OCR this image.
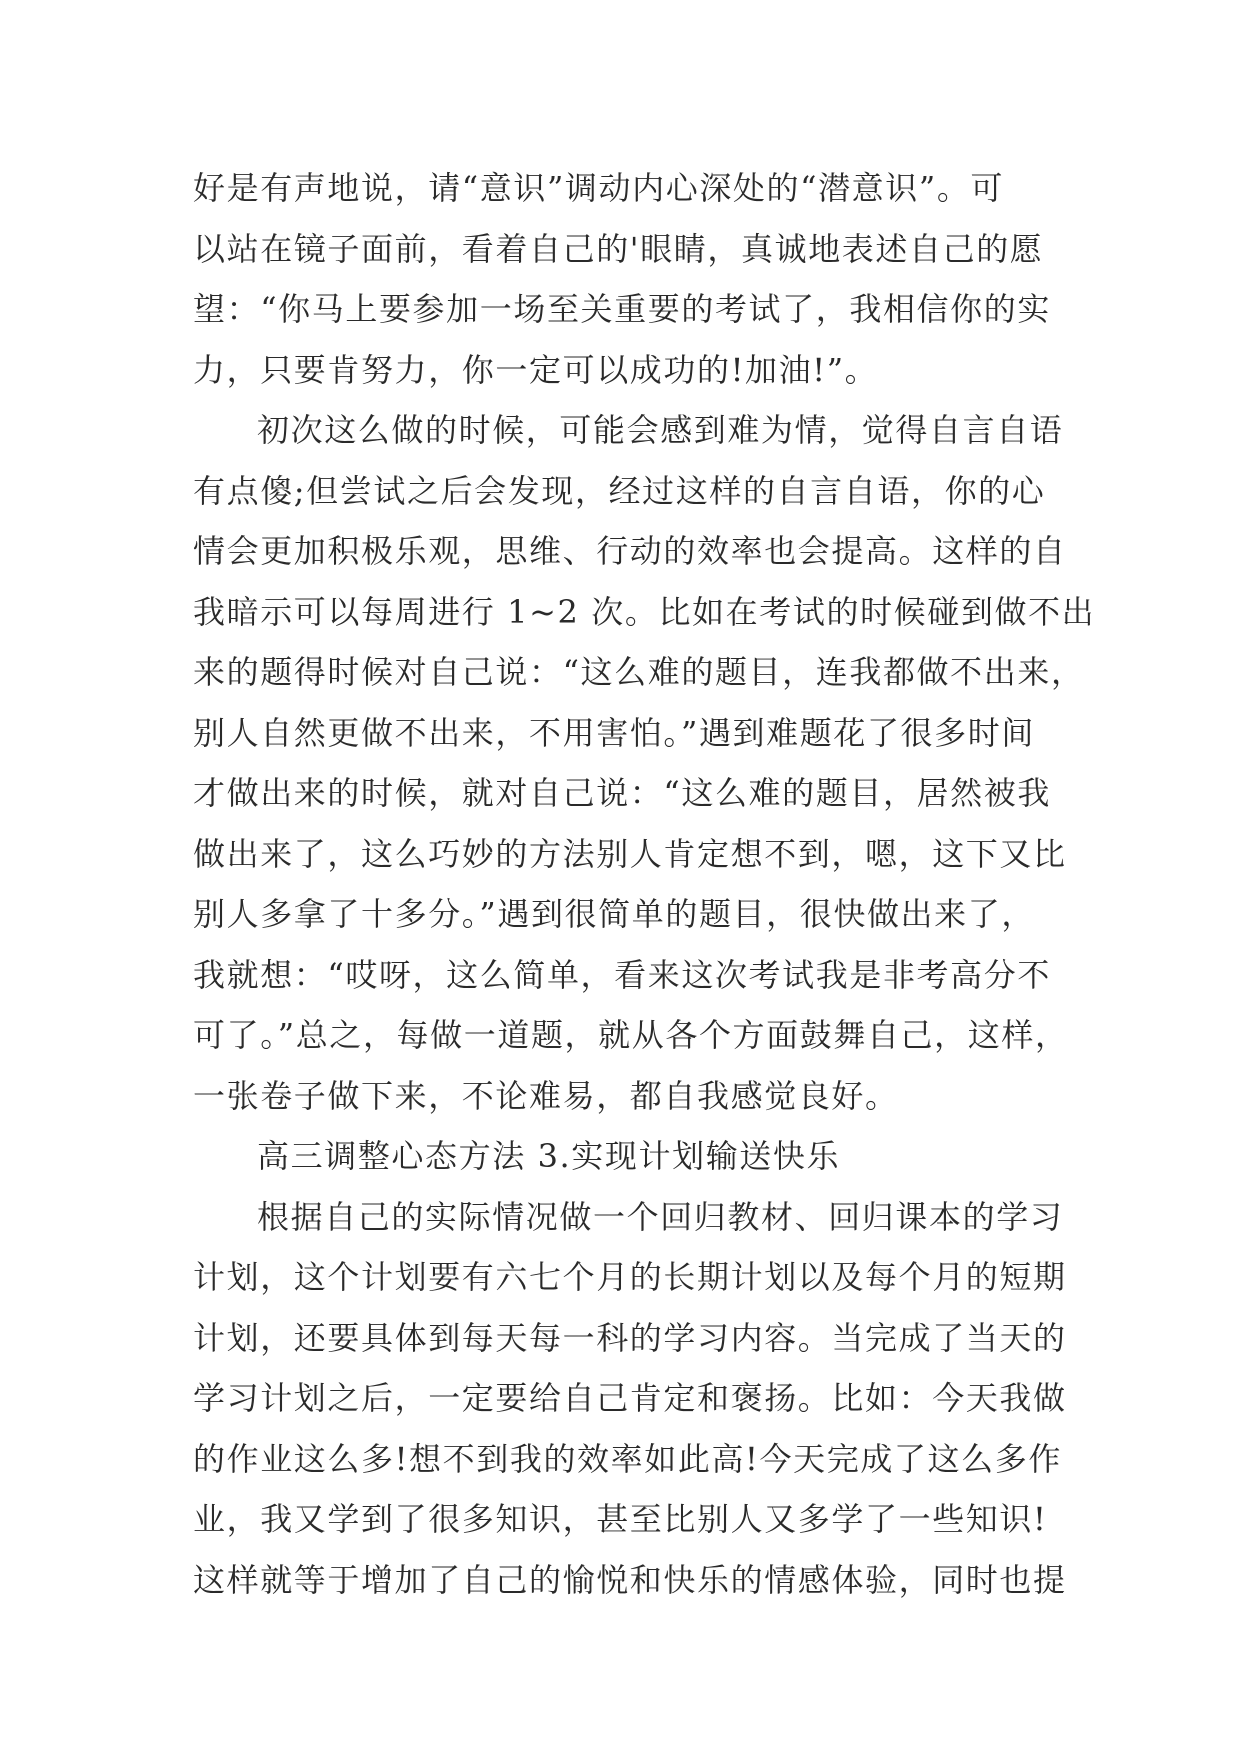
好是有声地说，请“意识”调动内心深处的“潜意识”。可
以站在镜子面前，看着自己的'眼睛，真诚地表述自己的愿
望：“你马上要参加一场至关重要的考试了，我相信你的实
力，只要肯努力，你一定可以成功的!加油!”。
初次这么做的时候，可能会感到难为情，觉得自言自语
有点傻;但尝试之后会发现，经过这样的自言自语，你的心
情会更加积极乐观，思维、行动的效率也会提高。这样的自
我暗示可以每周进行 1~2 次。比如在考试的时候碰到做不出
来的题得时候对自己说：“这么难的题目，连我都做不出来，
别人自然更做不出来，不用害怕。”遇到难题花了很多时间
才做出来的时候，就对自己说：“这么难的题目，居然被我
做出来了，这么巧妙的方法别人肯定想不到，嗯，这下又比
别人多拿了十多分。”遇到很简单的题目，很快做出来了，
我就想：“哎呀，这么简单，看来这次考试我是非考高分不
可了。”总之，每做一道题，就从各个方面鼓舞自己，这样，
一张卷子做下来，不论难易，都自我感觉良好。
高三调整心态方法 3.实现计划输送快乐
根据自己的实际情况做一个回归教材、回归课本的学习
计划，这个计划要有六七个月的长期计划以及每个月的短期
计划，还要具体到每天每一科的学习内容。当完成了当天的
学习计划之后，一定要给自己肯定和褒扬。比如：今天我做
的作业这么多!想不到我的效率如此高!今天完成了这么多作
业，我又学到了很多知识，甚至比别人又多学了一些知识!
这样就等于增加了自己的愉悦和快乐的情感体验，同时也提
